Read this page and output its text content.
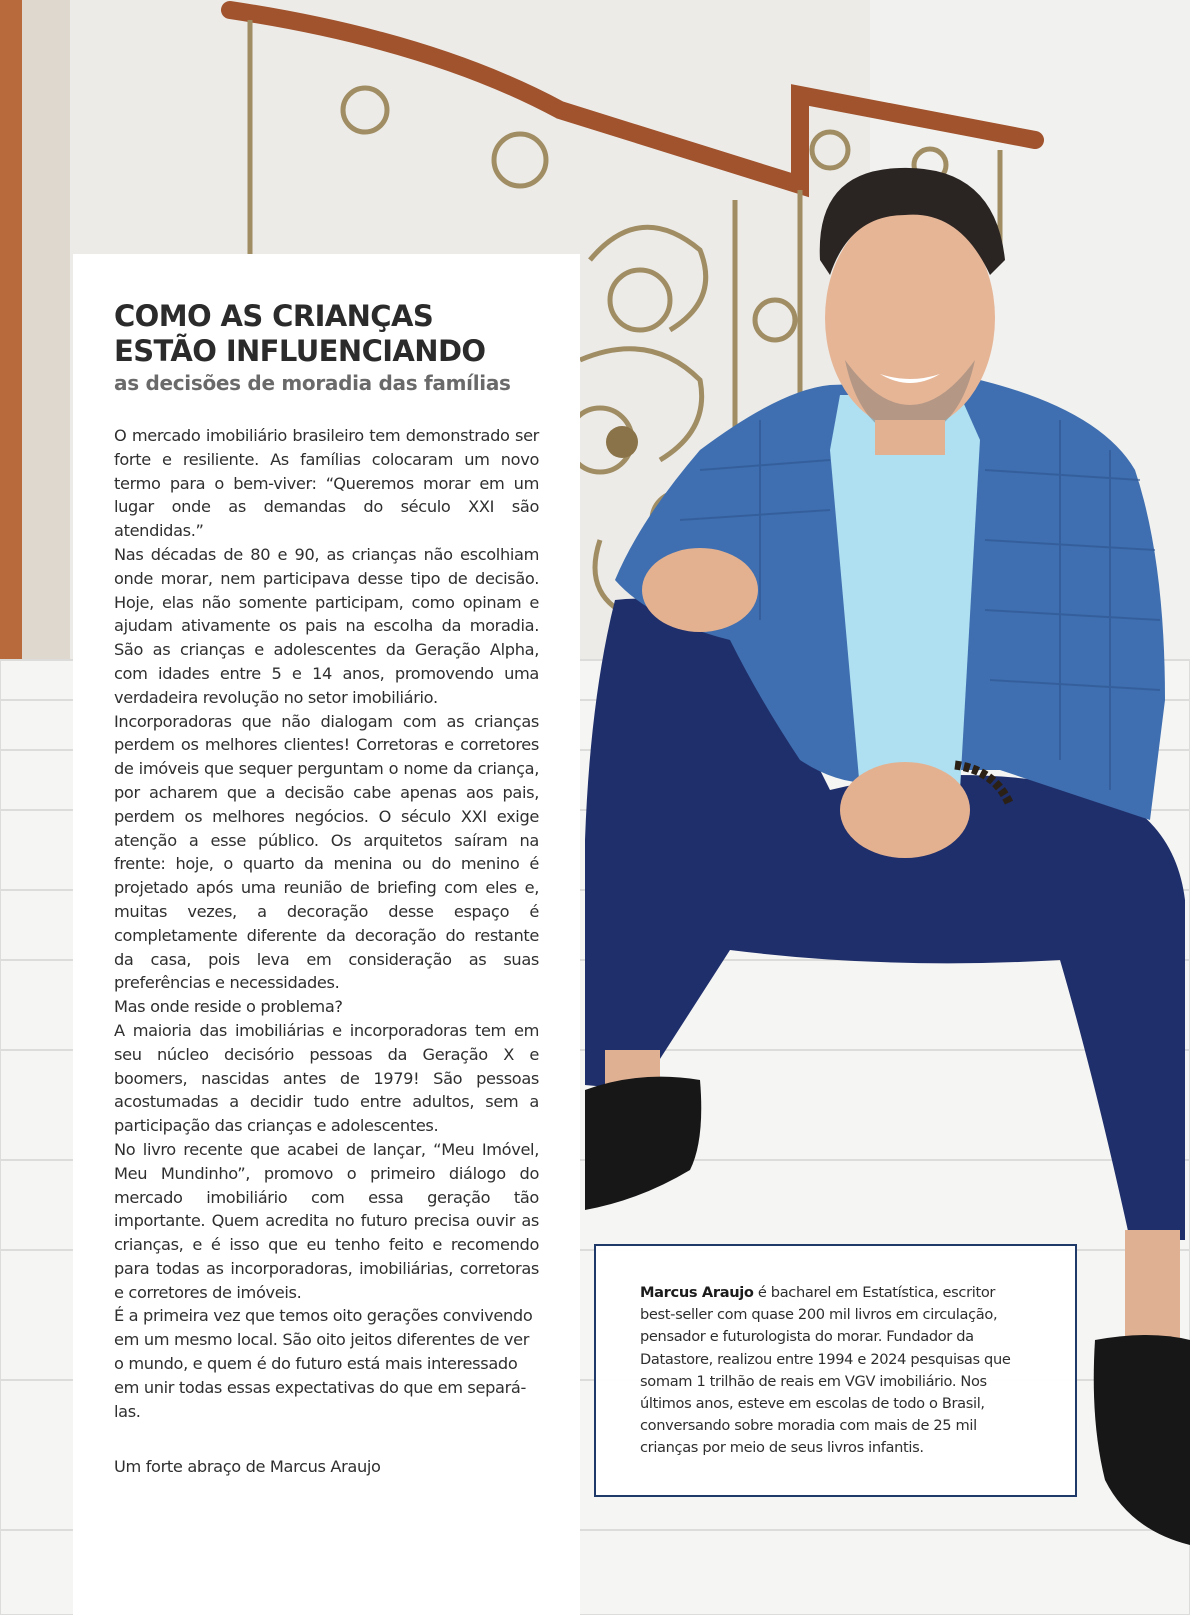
COMO AS CRIANÇAS
ESTÃO INFLUENCIANDO
as decisões de moradia das famílias

O mercado imobiliário brasileiro tem demonstrado ser forte e resiliente. As famílias colocaram um novo termo para o bem-viver: “Queremos morar em um lugar onde as demandas do século XXI são atendidas.”

Nas décadas de 80 e 90, as crianças não escolhiam onde morar, nem participava desse tipo de decisão. Hoje, elas não somente participam, como opinam e ajudam ativamente os pais na escolha da moradia. São as crianças e adolescentes da Geração Alpha, com idades entre 5 e 14 anos, promovendo uma verdadeira revolução no setor imobiliário.

Incorporadoras que não dialogam com as crianças perdem os melhores clientes! Corretoras e corretores de imóveis que sequer perguntam o nome da criança, por acharem que a decisão cabe apenas aos pais, perdem os melhores negócios. O século XXI exige atenção a esse público. Os arquitetos saíram na frente: hoje, o quarto da menina ou do menino é projetado após uma reunião de briefing com eles e, muitas vezes, a decoração desse espaço é completamente diferente da decoração do restante da casa, pois leva em consideração as suas preferências e necessidades.

Mas onde reside o problema?

A maioria das imobiliárias e incorporadoras tem em seu núcleo decisório pessoas da Geração X e boomers, nascidas antes de 1979! São pessoas acostumadas a decidir tudo entre adultos, sem a participação das crianças e adolescentes.

No livro recente que acabei de lançar, “Meu Imóvel, Meu Mundinho”, promovo o primeiro diálogo do mercado imobiliário com essa geração tão importante. Quem acredita no futuro precisa ouvir as crianças, e é isso que eu tenho feito e recomendo para todas as incorporadoras, imobiliárias, corretoras e corretores de imóveis.

É a primeira vez que temos oito gerações convivendo em um mesmo local. São oito jeitos diferentes de ver o mundo, e quem é do futuro está mais interessado em unir todas essas expectativas do que em separá-las.

Um forte abraço de Marcus Araujo

Marcus Araujo é bacharel em Estatística, escritor best-seller com quase 200 mil livros em circulação, pensador e futurologista do morar. Fundador da Datastore, realizou entre 1994 e 2024 pesquisas que somam 1 trilhão de reais em VGV imobiliário. Nos últimos anos, esteve em escolas de todo o Brasil, conversando sobre moradia com mais de 25 mil crianças por meio de seus livros infantis.
